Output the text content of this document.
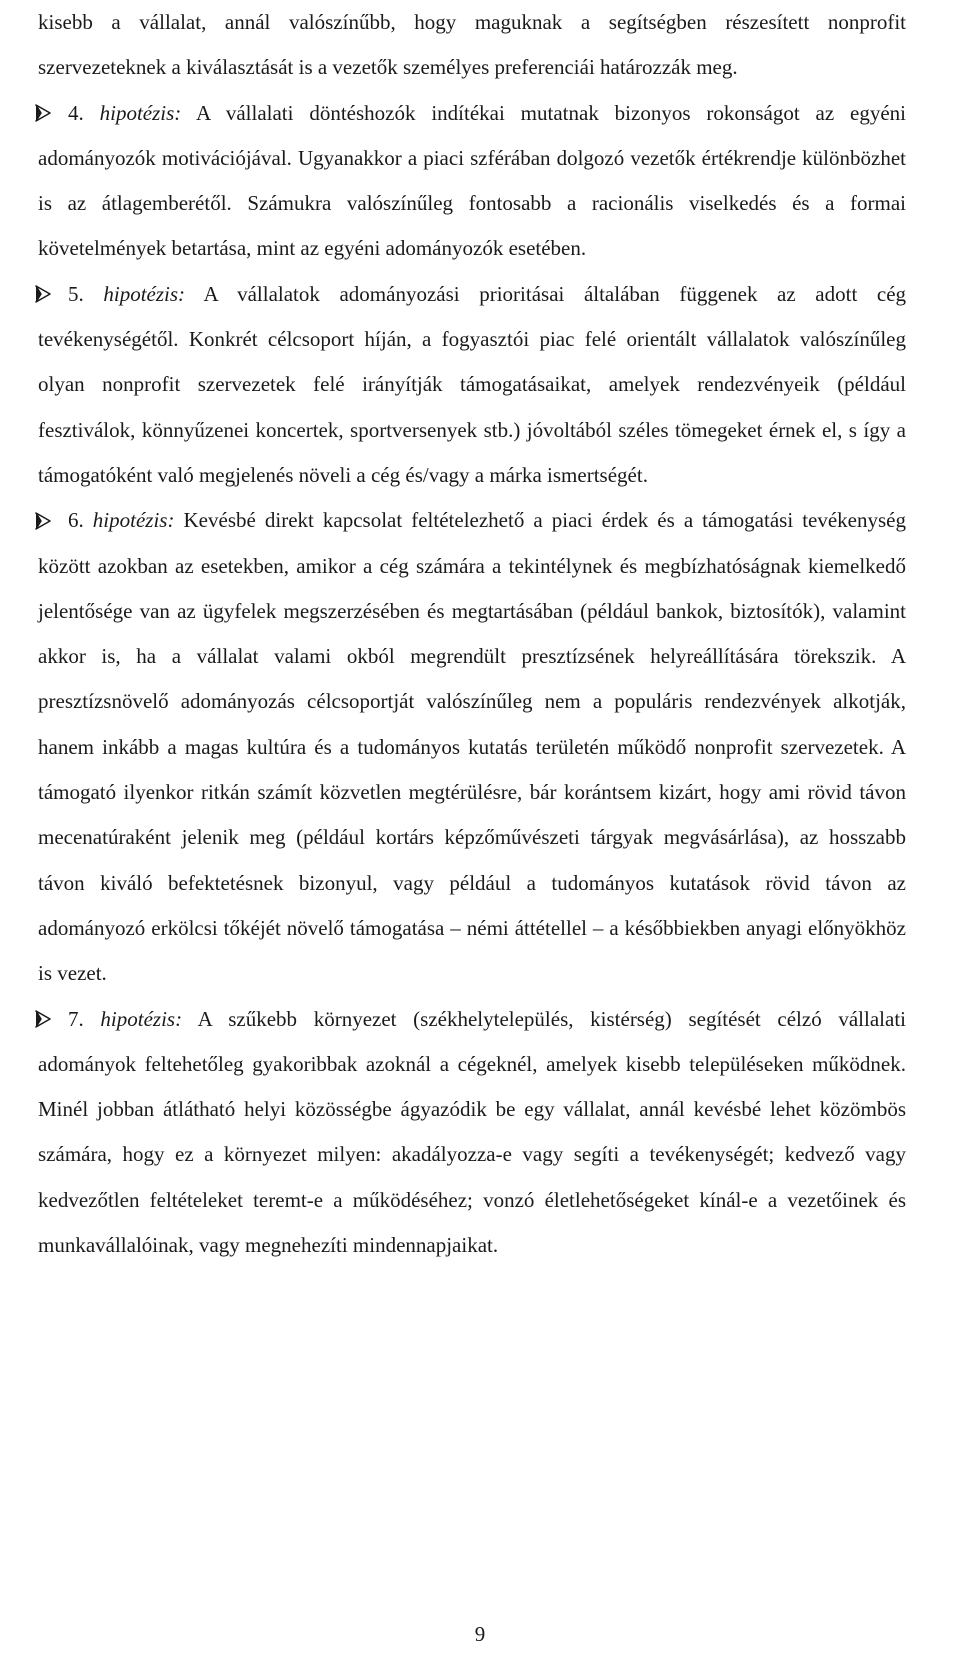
kisebb a vállalat, annál valószínűbb, hogy maguknak a segítségben részesített nonprofit szervezeteknek a kiválasztását is a vezetők személyes preferenciái határozzák meg.

4. hipotézis: A vállalati döntéshozók indítékai mutatnak bizonyos rokonságot az egyéni adományozók motivációjával. Ugyanakkor a piaci szférában dolgozó vezetők értékrendje különbözhet is az átlagemberétől. Számukra valószínűleg fontosabb a racionális viselkedés és a formai követelmények betartása, mint az egyéni adományozók esetében.

5. hipotézis: A vállalatok adományozási prioritásai általában függenek az adott cég tevékenységétől. Konkrét célcsoport híján, a fogyasztói piac felé orientált vállalatok valószínűleg olyan nonprofit szervezetek felé irányítják támogatásaikat, amelyek rendezvényeik (például fesztiválok, könnyűzenei koncertek, sportversenyek stb.) jóvoltából széles tömegeket érnek el, s így a támogatóként való megjelenés növeli a cég és/vagy a márka ismertségét.

6. hipotézis: Kevésbé direkt kapcsolat feltételezhető a piaci érdek és a támogatási tevékenység között azokban az esetekben, amikor a cég számára a tekintélynek és megbízhatóságnak kiemelkedő jelentősége van az ügyfelek megszerzésében és megtartásában (például bankok, biztosítók), valamint akkor is, ha a vállalat valami okból megrendült presztízsének helyreállítására törekszik. A presztízsnövelő adományozás célcsoportját valószínűleg nem a populáris rendezvények alkotják, hanem inkább a magas kultúra és a tudományos kutatás területén működő nonprofit szervezetek. A támogató ilyenkor ritkán számít közvetlen megtérülésre, bár korántsem kizárt, hogy ami rövid távon mecenatúraként jelenik meg (például kortárs képzőművészeti tárgyak megvásárlása), az hosszabb távon kiváló befektetésnek bizonyul, vagy például a tudományos kutatások rövid távon az adományozó erkölcsi tőkéjét növelő támogatása – némi áttétellel – a későbbiekben anyagi előnyökhöz is vezet.

7. hipotézis: A szűkebb környezet (székhelytelepülés, kistérség) segítését célzó vállalati adományok feltehetőleg gyakoribbak azoknál a cégeknél, amelyek kisebb településeken működnek. Minél jobban átlátható helyi közösségbe ágyazódik be egy vállalat, annál kevésbé lehet közömbös számára, hogy ez a környezet milyen: akadályozza-e vagy segíti a tevékenységét; kedvező vagy kedvezőtlen feltételeket teremt-e a működéséhez; vonzó életlehetőségeket kínál-e a vezetőinek és munkavállalóinak, vagy megnehezíti mindennapjaikat.

9
